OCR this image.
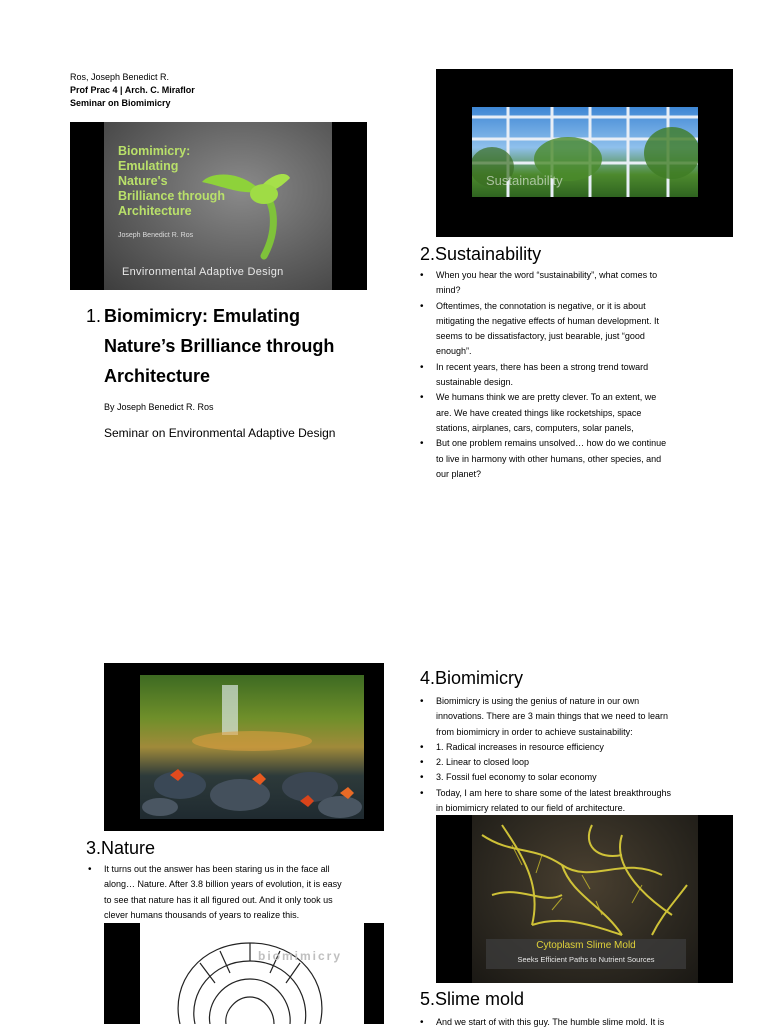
Ros, Joseph Benedict R.
Prof Prac 4 | Arch. C. Miraflor
Seminar on Biomimicry
Biomimicry:
Emulating
Nature's
Brilliance through
Architecture
Joseph Benedict R. Ros
Environmental Adaptive Design
1. Biomimicry: Emulating
Nature’s Brilliance through
Architecture
By Joseph Benedict R. Ros
Seminar on Environmental Adaptive Design
Sustainability
2.Sustainability
• When you hear the word “sustainability”, what comes to
mind?
• Oftentimes, the connotation is negative, or it is about
mitigating the negative effects of human development. It
seems to be dissatisfactory, just bearable, just “good
enough”.
• In recent years, there has been a strong trend toward
sustainable design.
• We humans think we are pretty clever. To an extent, we
are. We have created things like rocketships, space
stations, airplanes, cars, computers, solar panels,
• But one problem remains unsolved… how do we continue
to live in harmony with other humans, other species, and
our planet?
3.Nature
• It turns out the answer has been staring us in the face all
along… Nature. After 3.8 billion years of evolution, it is easy
to see that nature has it all figured out. And it only took us
clever humans thousands of years to realize this.
biomimicry
4.Biomimicry
• Biomimicry is using the genius of nature in our own
innovations. There are 3 main things that we need to learn
from biomimicry in order to achieve sustainability:
• 1. Radical increases in resource efficiency
• 2. Linear to closed loop
• 3. Fossil fuel economy to solar economy
• Today, I am here to share some of the latest breakthroughs
in biomimicry related to our field of architecture.
Cytoplasm Slime Mold
Seeks Efficient Paths to Nutrient Sources
5.Slime mold
• And we start of with this guy. The humble slime mold. It is
